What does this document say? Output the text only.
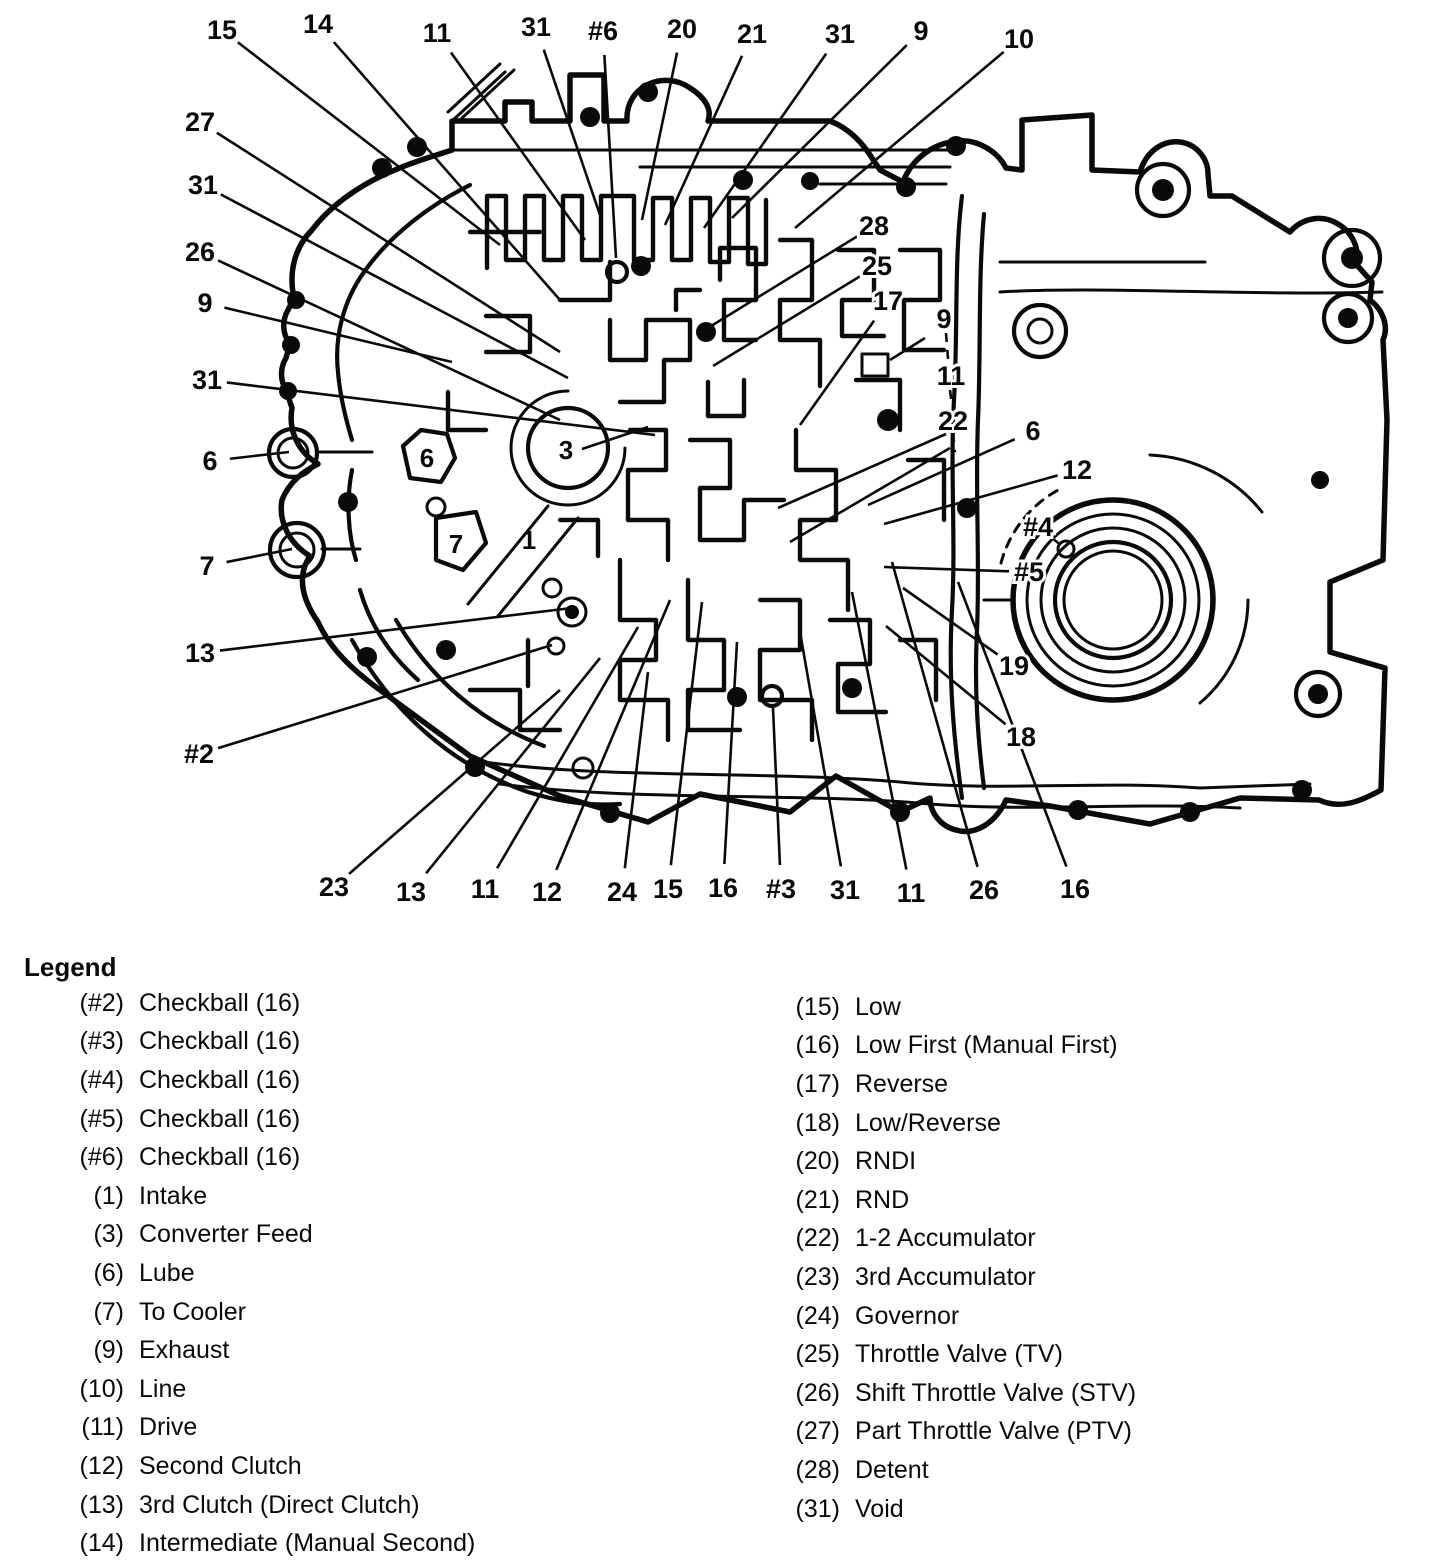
15 14	11	31 #6 20 21 31 9	10
27
31
26
9
31
6
7
13
#2
23 13 11 12 24 15 16 #3 31 11 26 16
28
25
17
9
11
22 6
12
#4
#5
19
18
6
7 1
3
Legend
(#2) Checkball (16)
(#3) Checkball (16)
(#4) Checkball (16)
(#5) Checkball (16)
(#6) Checkball (16)
(1) Intake
(3) Converter Feed
(6) Lube
(7) To Cooler
(9) Exhaust
(10) Line
(11) Drive
(12) Second Clutch
(13) 3rd Clutch (Direct Clutch)
(14) Intermediate (Manual Second)
(15) Low
(16) Low First (Manual First)
(17) Reverse
(18) Low/Reverse
(20) RNDI
(21) RND
(22) 1-2 Accumulator
(23) 3rd Accumulator
(24) Governor
(25) Throttle Valve (TV)
(26) Shift Throttle Valve (STV)
(27) Part Throttle Valve (PTV)
(28) Detent
(31) Void
